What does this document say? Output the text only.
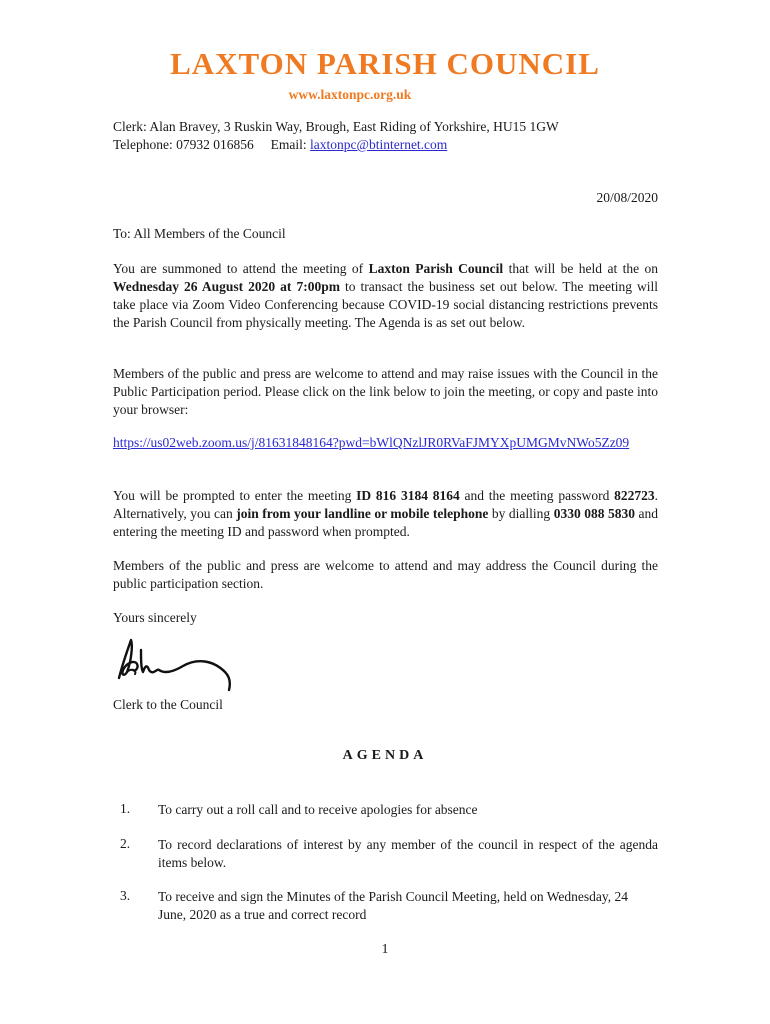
LAXTON PARISH COUNCIL
www.laxtonpc.org.uk
Clerk: Alan Bravey, 3 Ruskin Way, Brough, East Riding of Yorkshire, HU15 1GW
Telephone: 07932 016856 Email: laxtonpc@btinternet.com
20/08/2020
To: All Members of the Council
You are summoned to attend the meeting of Laxton Parish Council that will be held at the on Wednesday 26 August 2020 at 7:00pm to transact the business set out below. The meeting will take place via Zoom Video Conferencing because COVID-19 social distancing restrictions prevents the Parish Council from physically meeting. The Agenda is as set out below.
Members of the public and press are welcome to attend and may raise issues with the Council in the Public Participation period. Please click on the link below to join the meeting, or copy and paste into your browser:
https://us02web.zoom.us/j/81631848164?pwd=bWlQNzlJR0RVaFJMYXpUMGMvNWo5Zz09
You will be prompted to enter the meeting ID 816 3184 8164 and the meeting password 822723. Alternatively, you can join from your landline or mobile telephone by dialling 0330 088 5830 and entering the meeting ID and password when prompted.
Members of the public and press are welcome to attend and may address the Council during the public participation section.
Yours sincerely
Clerk to the Council
AGENDA
1. To carry out a roll call and to receive apologies for absence
2. To record declarations of interest by any member of the council in respect of the agenda items below.
3. To receive and sign the Minutes of the Parish Council Meeting, held on Wednesday, 24 June, 2020 as a true and correct record
1
